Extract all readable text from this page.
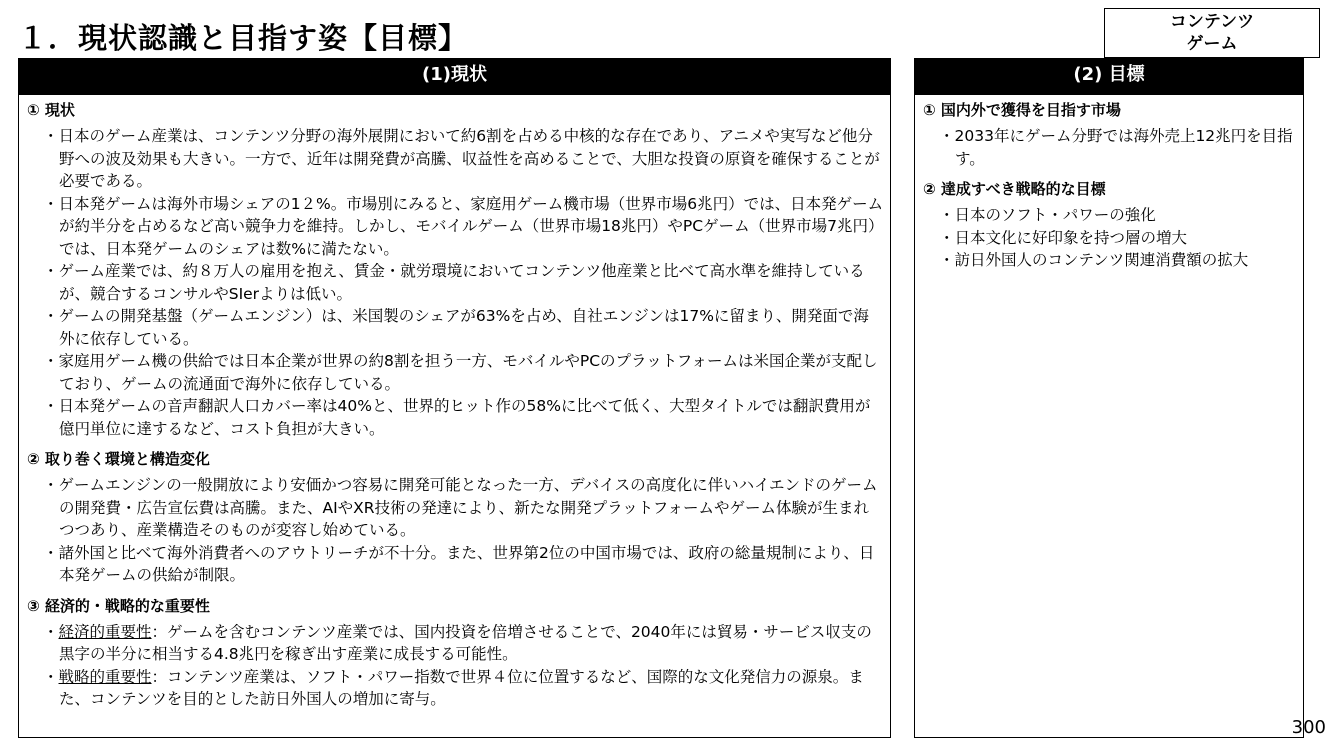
１．現状認識と目指す姿【目標】	コンテンツ
ゲーム
(1)現状
① 現状
・日本のゲーム産業は、コンテンツ分野の海外展開において約6割を占める中核的な存在であり、アニメや実写など他分野への波及効果も大きい。一方で、近年は開発費が高騰、収益性を高めることで、大胆な投資の原資を確保することが必要である。
・日本発ゲームは海外市場シェアの1２%。市場別にみると、家庭用ゲーム機市場（世界市場6兆円）では、日本発ゲームが約半分を占めるなど高い競争力を維持。しかし、モバイルゲーム（世界市場18兆円）やPCゲーム（世界市場7兆円）では、日本発ゲームのシェアは数%に満たない。
・ゲーム産業では、約８万人の雇用を抱え、賃金・就労環境においてコンテンツ他産業と比べて高水準を維持しているが、競合するコンサルやSIerよりは低い。
・ゲームの開発基盤（ゲームエンジン）は、米国製のシェアが63%を占め、自社エンジンは17%に留まり、開発面で海外に依存している。
・家庭用ゲーム機の供給では日本企業が世界の約8割を担う一方、モバイルやPCのプラットフォームは米国企業が支配しており、ゲームの流通面で海外に依存している。
・日本発ゲームの音声翻訳人口カバー率は40%と、世界的ヒット作の58%に比べて低く、大型タイトルでは翻訳費用が億円単位に達するなど、コスト負担が大きい。
② 取り巻く環境と構造変化
・ゲームエンジンの一般開放により安価かつ容易に開発可能となった一方、デバイスの高度化に伴いハイエンドのゲームの開発費・広告宣伝費は高騰。また、AIやXR技術の発達により、新たな開発プラットフォームやゲーム体験が生まれつつあり、産業構造そのものが変容し始めている。
・諸外国と比べて海外消費者へのアウトリーチが不十分。また、世界第2位の中国市場では、政府の総量規制により、日本発ゲームの供給が制限。
③ 経済的・戦略的な重要性
・経済的重要性：ゲームを含むコンテンツ産業では、国内投資を倍増させることで、2040年には貿易・サービス収支の黒字の半分に相当する4.8兆円を稼ぎ出す産業に成長する可能性。
・戦略的重要性：コンテンツ産業は、ソフト・パワー指数で世界４位に位置するなど、国際的な文化発信力の源泉。また、コンテンツを目的とした訪日外国人の増加に寄与。
(2) 目標
① 国内外で獲得を目指す市場
・2033年にゲーム分野では海外売上12兆円を目指す。
② 達成すべき戦略的な目標
・日本のソフト・パワーの強化
・日本文化に好印象を持つ層の増大
・訪日外国人のコンテンツ関連消費額の拡大
300
